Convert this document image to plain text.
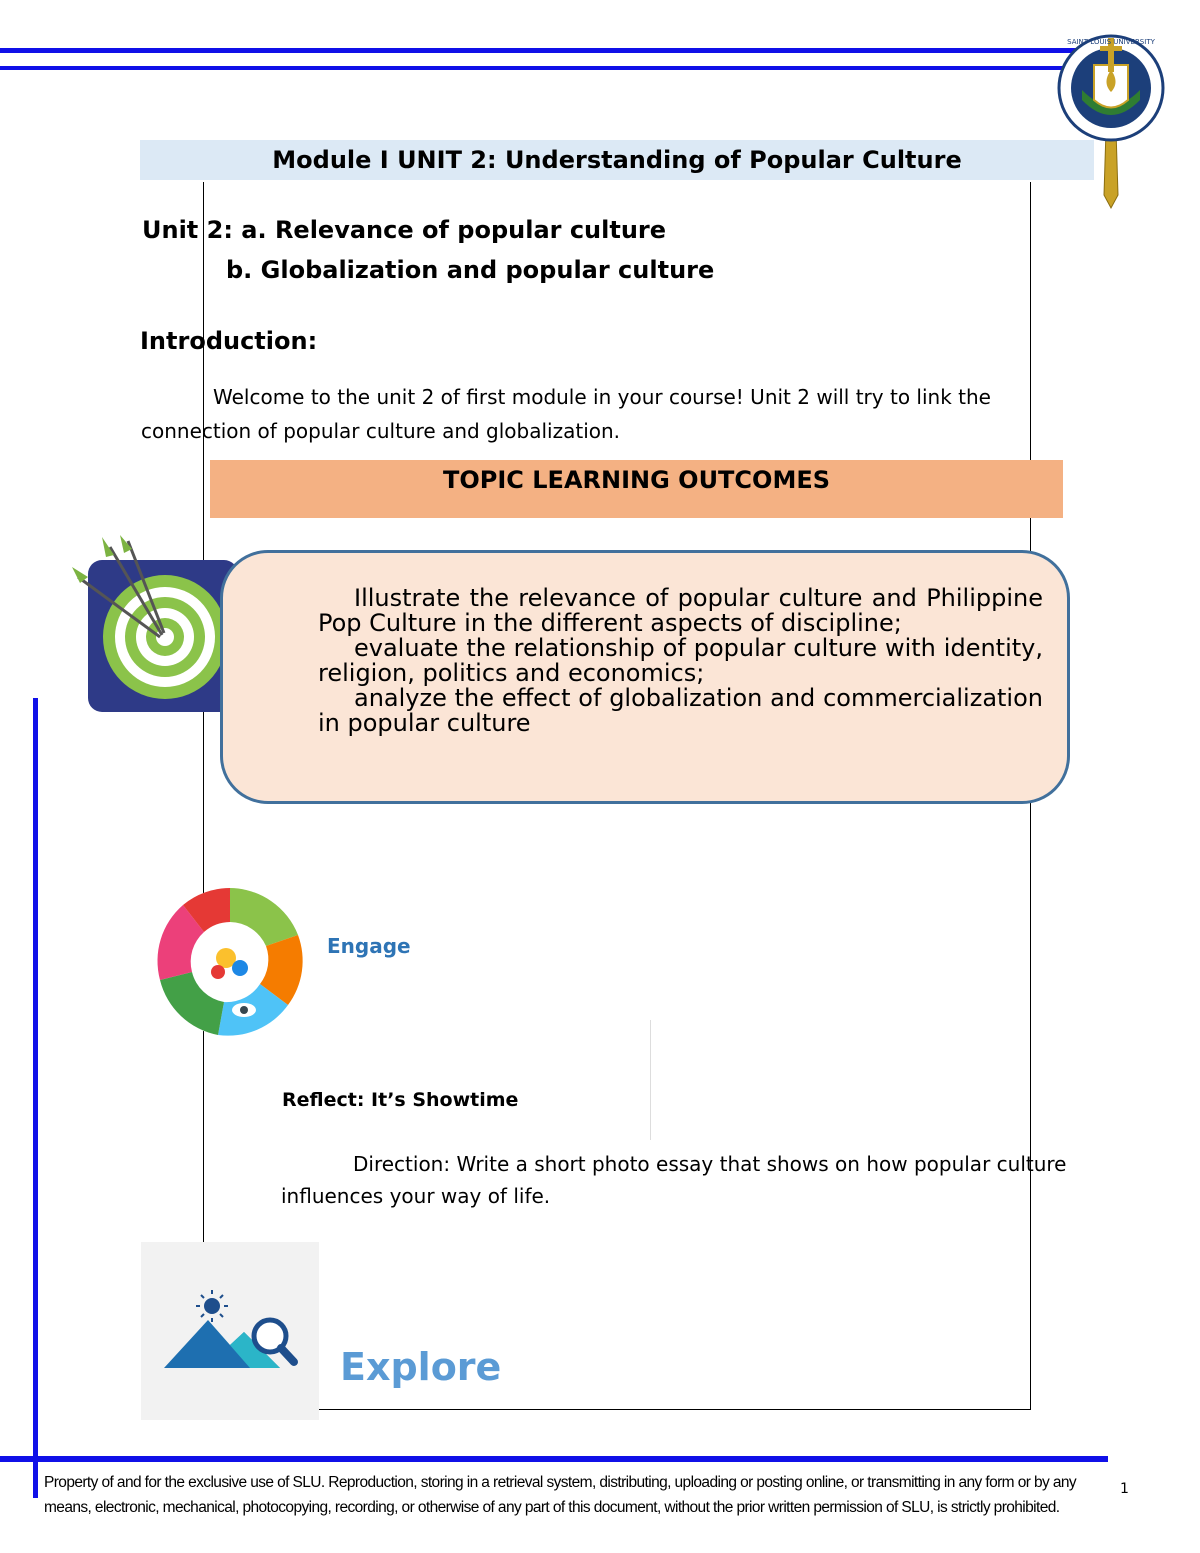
SAINT LOUIS UNIVERSITY
Module I UNIT 2: Understanding of Popular Culture
Unit 2: a. Relevance of popular culture
b. Globalization and popular culture
Introduction:
Welcome to the unit 2 of first module in your course! Unit 2 will try to link the connection of popular culture and globalization.
TOPIC LEARNING OUTCOMES

Illustrate the relevance of popular culture and Philippine Pop Culture in the different aspects of discipline;

evaluate the relationship of popular culture with identity, religion, politics and economics;

analyze the effect of globalization and commercialization in popular culture

Engage
Reflect: It’s Showtime
Direction: Write a short photo essay that shows on how popular culture influences your way of life.
Explore
Property of and for the exclusive use of SLU. Reproduction, storing in a retrieval system, distributing, uploading or posting online, or transmitting in any form or by any means, electronic, mechanical, photocopying, recording, or otherwise of any part of this document, without the prior written permission of SLU, is strictly prohibited.
1
